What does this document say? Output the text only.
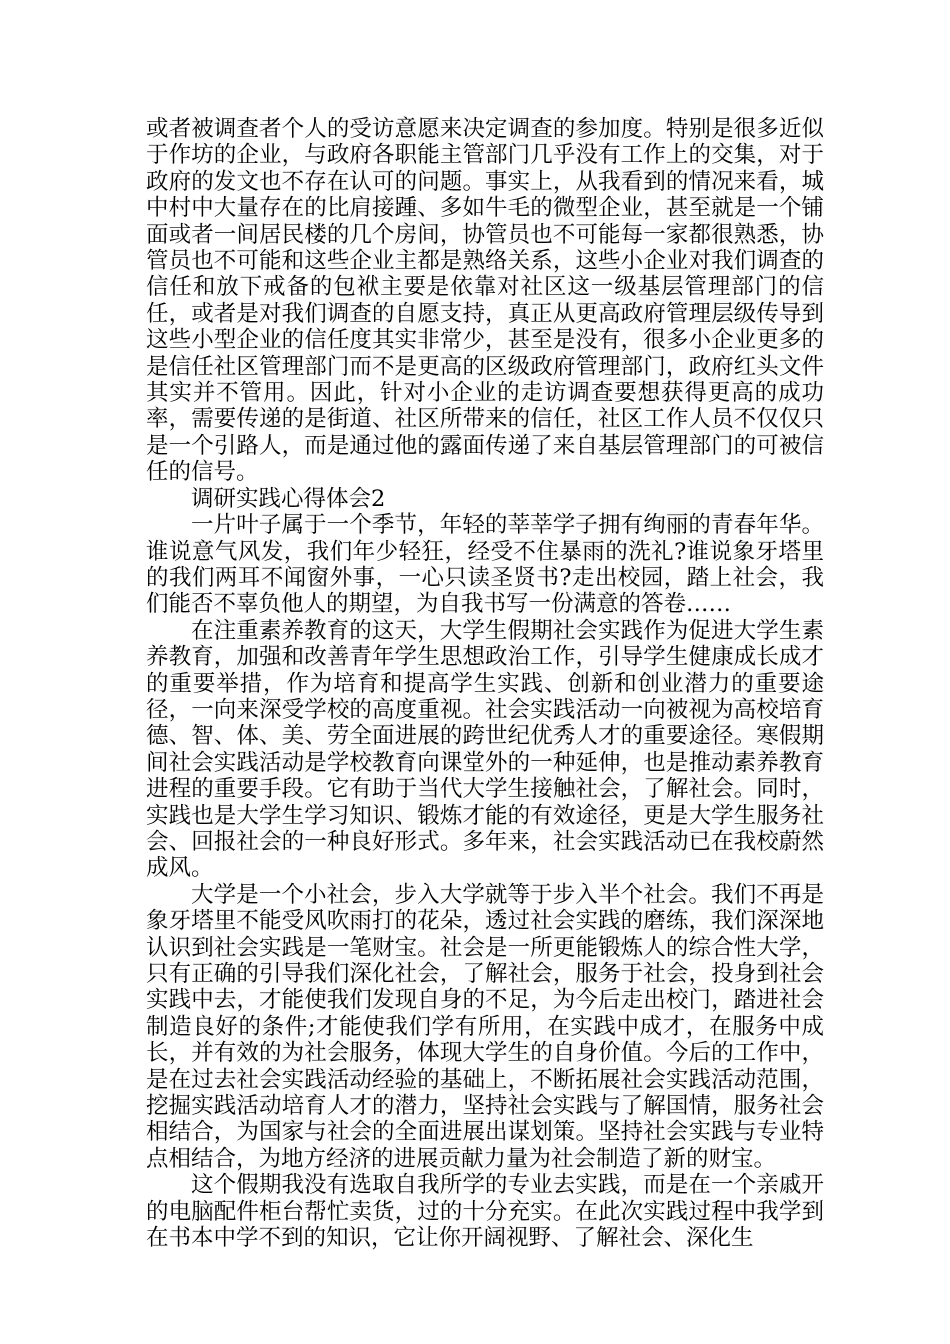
或者被调查者个人的受访意愿来决定调查的参加度。特别是很多近似于作坊的企业，与政府各职能主管部门几乎没有工作上的交集，对于政府的发文也不存在认可的问题。事实上，从我看到的情况来看，城中村中大量存在的比肩接踵、多如牛毛的微型企业，甚至就是一个铺面或者一间居民楼的几个房间，协管员也不可能每一家都很熟悉，协管员也不可能和这些企业主都是熟络关系，这些小企业对我们调查的信任和放下戒备的包袱主要是依靠对社区这一级基层管理部门的信任，或者是对我们调查的自愿支持，真正从更高政府管理层级传导到这些小型企业的信任度其实非常少，甚至是没有，很多小企业更多的是信任社区管理部门而不是更高的区级政府管理部门，政府红头文件其实并不管用。因此，针对小企业的走访调查要想获得更高的成功率，需要传递的是街道、社区所带来的信任，社区工作人员不仅仅只是一个引路人，而是通过他的露面传递了来自基层管理部门的可被信任的信号。

调研实践心得体会2

一片叶子属于一个季节，年轻的莘莘学子拥有绚丽的青春年华。谁说意气风发，我们年少轻狂，经受不住暴雨的洗礼?谁说象牙塔里的我们两耳不闻窗外事，一心只读圣贤书?走出校园，踏上社会，我们能否不辜负他人的期望，为自我书写一份满意的答卷……

在注重素养教育的这天，大学生假期社会实践作为促进大学生素养教育，加强和改善青年学生思想政治工作，引导学生健康成长成才的重要举措，作为培育和提高学生实践、创新和创业潜力的重要途径，一向来深受学校的高度重视。社会实践活动一向被视为高校培育德、智、体、美、劳全面进展的跨世纪优秀人才的重要途径。寒假期间社会实践活动是学校教育向课堂外的一种延伸，也是推动素养教育进程的重要手段。它有助于当代大学生接触社会，了解社会。同时，实践也是大学生学习知识、锻炼才能的有效途径，更是大学生服务社会、回报社会的一种良好形式。多年来，社会实践活动已在我校蔚然成风。

大学是一个小社会，步入大学就等于步入半个社会。我们不再是象牙塔里不能受风吹雨打的花朵，透过社会实践的磨练，我们深深地认识到社会实践是一笔财宝。社会是一所更能锻炼人的综合性大学，只有正确的引导我们深化社会，了解社会，服务于社会，投身到社会实践中去，才能使我们发现自身的不足，为今后走出校门，踏进社会制造良好的条件;才能使我们学有所用，在实践中成才，在服务中成长，并有效的为社会服务，体现大学生的自身价值。今后的工作中，是在过去社会实践活动经验的基础上，不断拓展社会实践活动范围，挖掘实践活动培育人才的潜力，坚持社会实践与了解国情，服务社会相结合，为国家与社会的全面进展出谋划策。坚持社会实践与专业特点相结合，为地方经济的进展贡献力量为社会制造了新的财宝。

这个假期我没有选取自我所学的专业去实践，而是在一个亲戚开的电脑配件柜台帮忙卖货，过的十分充实。在此次实践过程中我学到在书本中学不到的知识，它让你开阔视野、了解社会、深化生
